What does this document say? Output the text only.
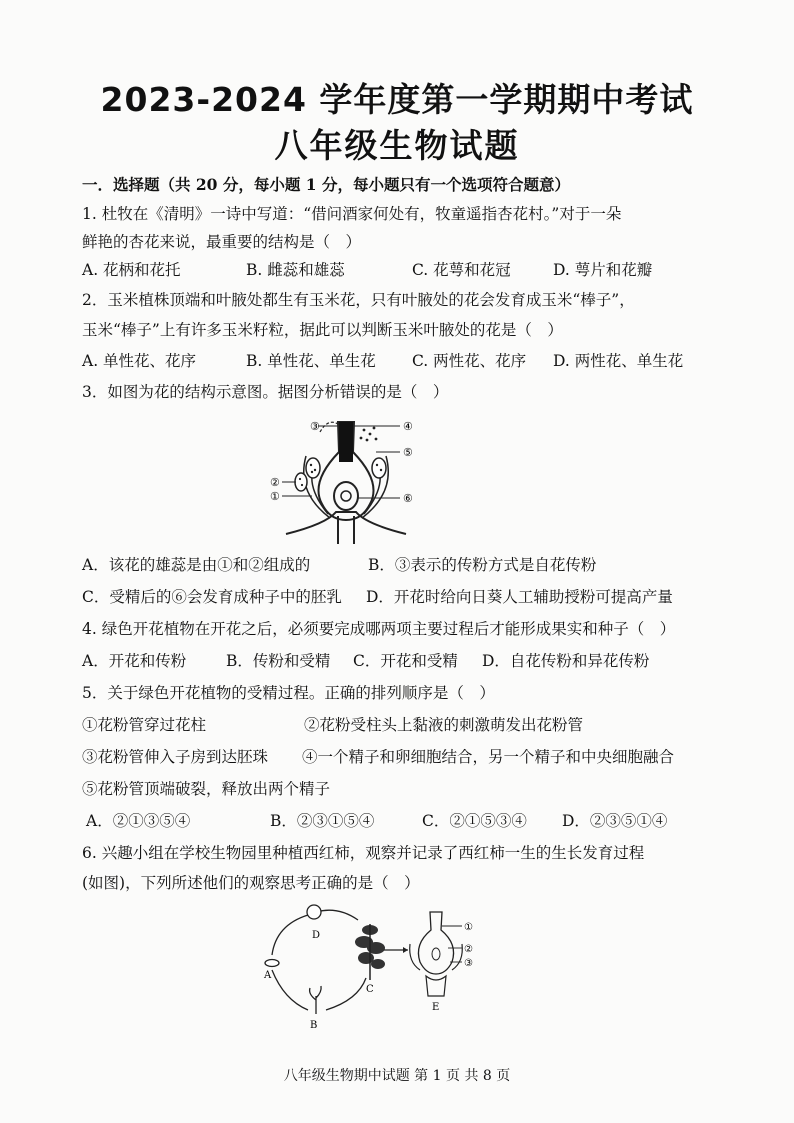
2023-2024 学年度第一学期期中考试
八年级生物试题
一．选择题（共 20 分，每小题 1 分，每小题只有一个选项符合题意）
1. 杜牧在《清明》一诗中写道：“借问酒家何处有，牧童遥指杏花村。”对于一朵
鲜艳的杏花来说，最重要的结构是（　）
A. 花柄和花托	B. 雌蕊和雄蕊	C. 花萼和花冠	D. 萼片和花瓣
2．玉米植株顶端和叶腋处都生有玉米花，只有叶腋处的花会发育成玉米“棒子”，
玉米“棒子”上有许多玉米籽粒，据此可以判断玉米叶腋处的花是（　）
A. 单性花、花序	B. 单性花、单生花 C. 两性花、花序 D. 两性花、单生花
3．如图为花的结构示意图。据图分析错误的是（　）
③	④
⑤
⑥
②
①
A．该花的雄蕊是由①和②组成的	B．③表示的传粉方式是自花传粉
C．受精后的⑥会发育成种子中的胚乳 D．开花时给向日葵人工辅助授粉可提高产量
4. 绿色开花植物在开花之后，必须要完成哪两项主要过程后才能形成果实和种子（　）
A．开花和传粉	B．传粉和受精 C．开花和受精 D．自花传粉和异花传粉
5．关于绿色开花植物的受精过程。正确的排列顺序是（　）
①花粉管穿过花柱	②花粉受柱头上黏液的刺激萌发出花粉管
③花粉管伸入子房到达胚珠 ④一个精子和卵细胞结合，另一个精子和中央细胞融合
⑤花粉管顶端破裂，释放出两个精子
A．②①③⑤④	B．②③①⑤④	C．②①⑤③④ D．②③⑤①④
6. 兴趣小组在学校生物园里种植西红柿，观察并记录了西红柿一生的生长发育过程
(如图)，下列所述他们的观察思考正确的是（　）
D
A
B
C
①
②
③
E
八年级生物期中试题 第 1 页 共 8 页
